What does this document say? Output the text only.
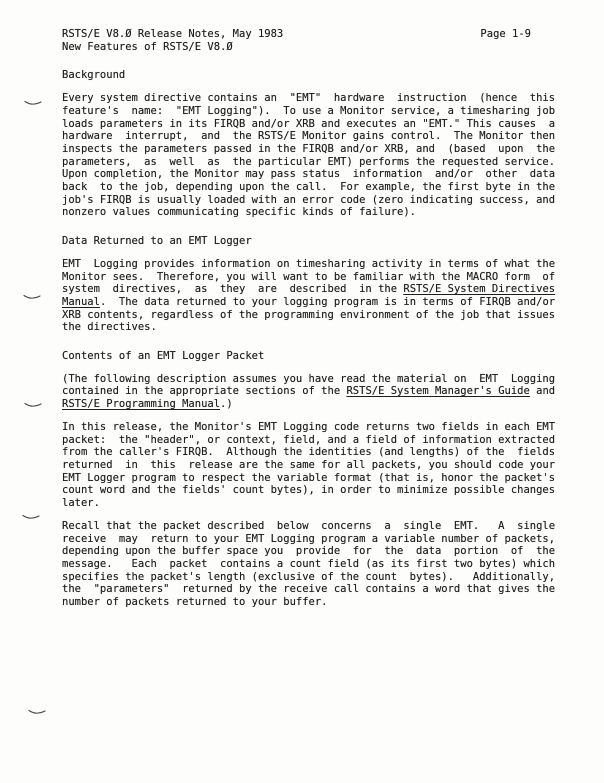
RSTS/E V8.Ø Release Notes, May 1983
New Features of RSTS/E V8.Ø
Page 1-9
Background
Every system directive contains an  "EMT"  hardware  instruction  (hence  this
feature's  name:  "EMT Logging").  To use a Monitor service, a timesharing job
loads parameters in its FIRQB and/or XRB and executes an "EMT." This causes  a
hardware  interrupt,  and  the RSTS/E Monitor gains control.  The Monitor then
inspects the parameters passed in the FIRQB and/or XRB, and  (based  upon  the
parameters,  as  well  as  the particular EMT) performs the requested service.
Upon completion, the Monitor may pass status  information  and/or  other  data
back  to the job, depending upon the call.  For example, the first byte in the
job's FIRQB is usually loaded with an error code (zero indicating success, and
nonzero values communicating specific kinds of failure).
Data Returned to an EMT Logger
EMT  Logging provides information on timesharing activity in terms of what the
Monitor sees.  Therefore, you will want to be familiar with the MACRO form  of
system  directives,  as  they  are  described  in the RSTS/E System Directives
Manual.  The data returned to your logging program is in terms of FIRQB and/or
XRB contents, regardless of the programming environment of the job that issues
the directives.
Contents of an EMT Logger Packet
(The following description assumes you have read the material on  EMT  Logging
contained in the appropriate sections of the RSTS/E System Manager's Guide and
RSTS/E Programming Manual.)
In this release, the Monitor's EMT Logging code returns two fields in each EMT
packet:  the "header", or context, field, and a field of information extracted
from the caller's FIRQB.  Although the identities (and lengths) of the  fields
returned  in  this  release are the same for all packets, you should code your
EMT Logger program to respect the variable format (that is, honor the packet's
count word and the fields' count bytes), in order to minimize possible changes
later.
Recall that the packet described  below  concerns  a  single  EMT.   A  single
receive  may  return to your EMT Logging program a variable number of packets,
depending upon the buffer space you  provide  for  the  data  portion  of  the
message.   Each  packet  contains a count field (as its first two bytes) which
specifies the packet's length (exclusive of the count  bytes).   Additionally,
the  "parameters"  returned by the receive call contains a word that gives the
number of packets returned to your buffer.
